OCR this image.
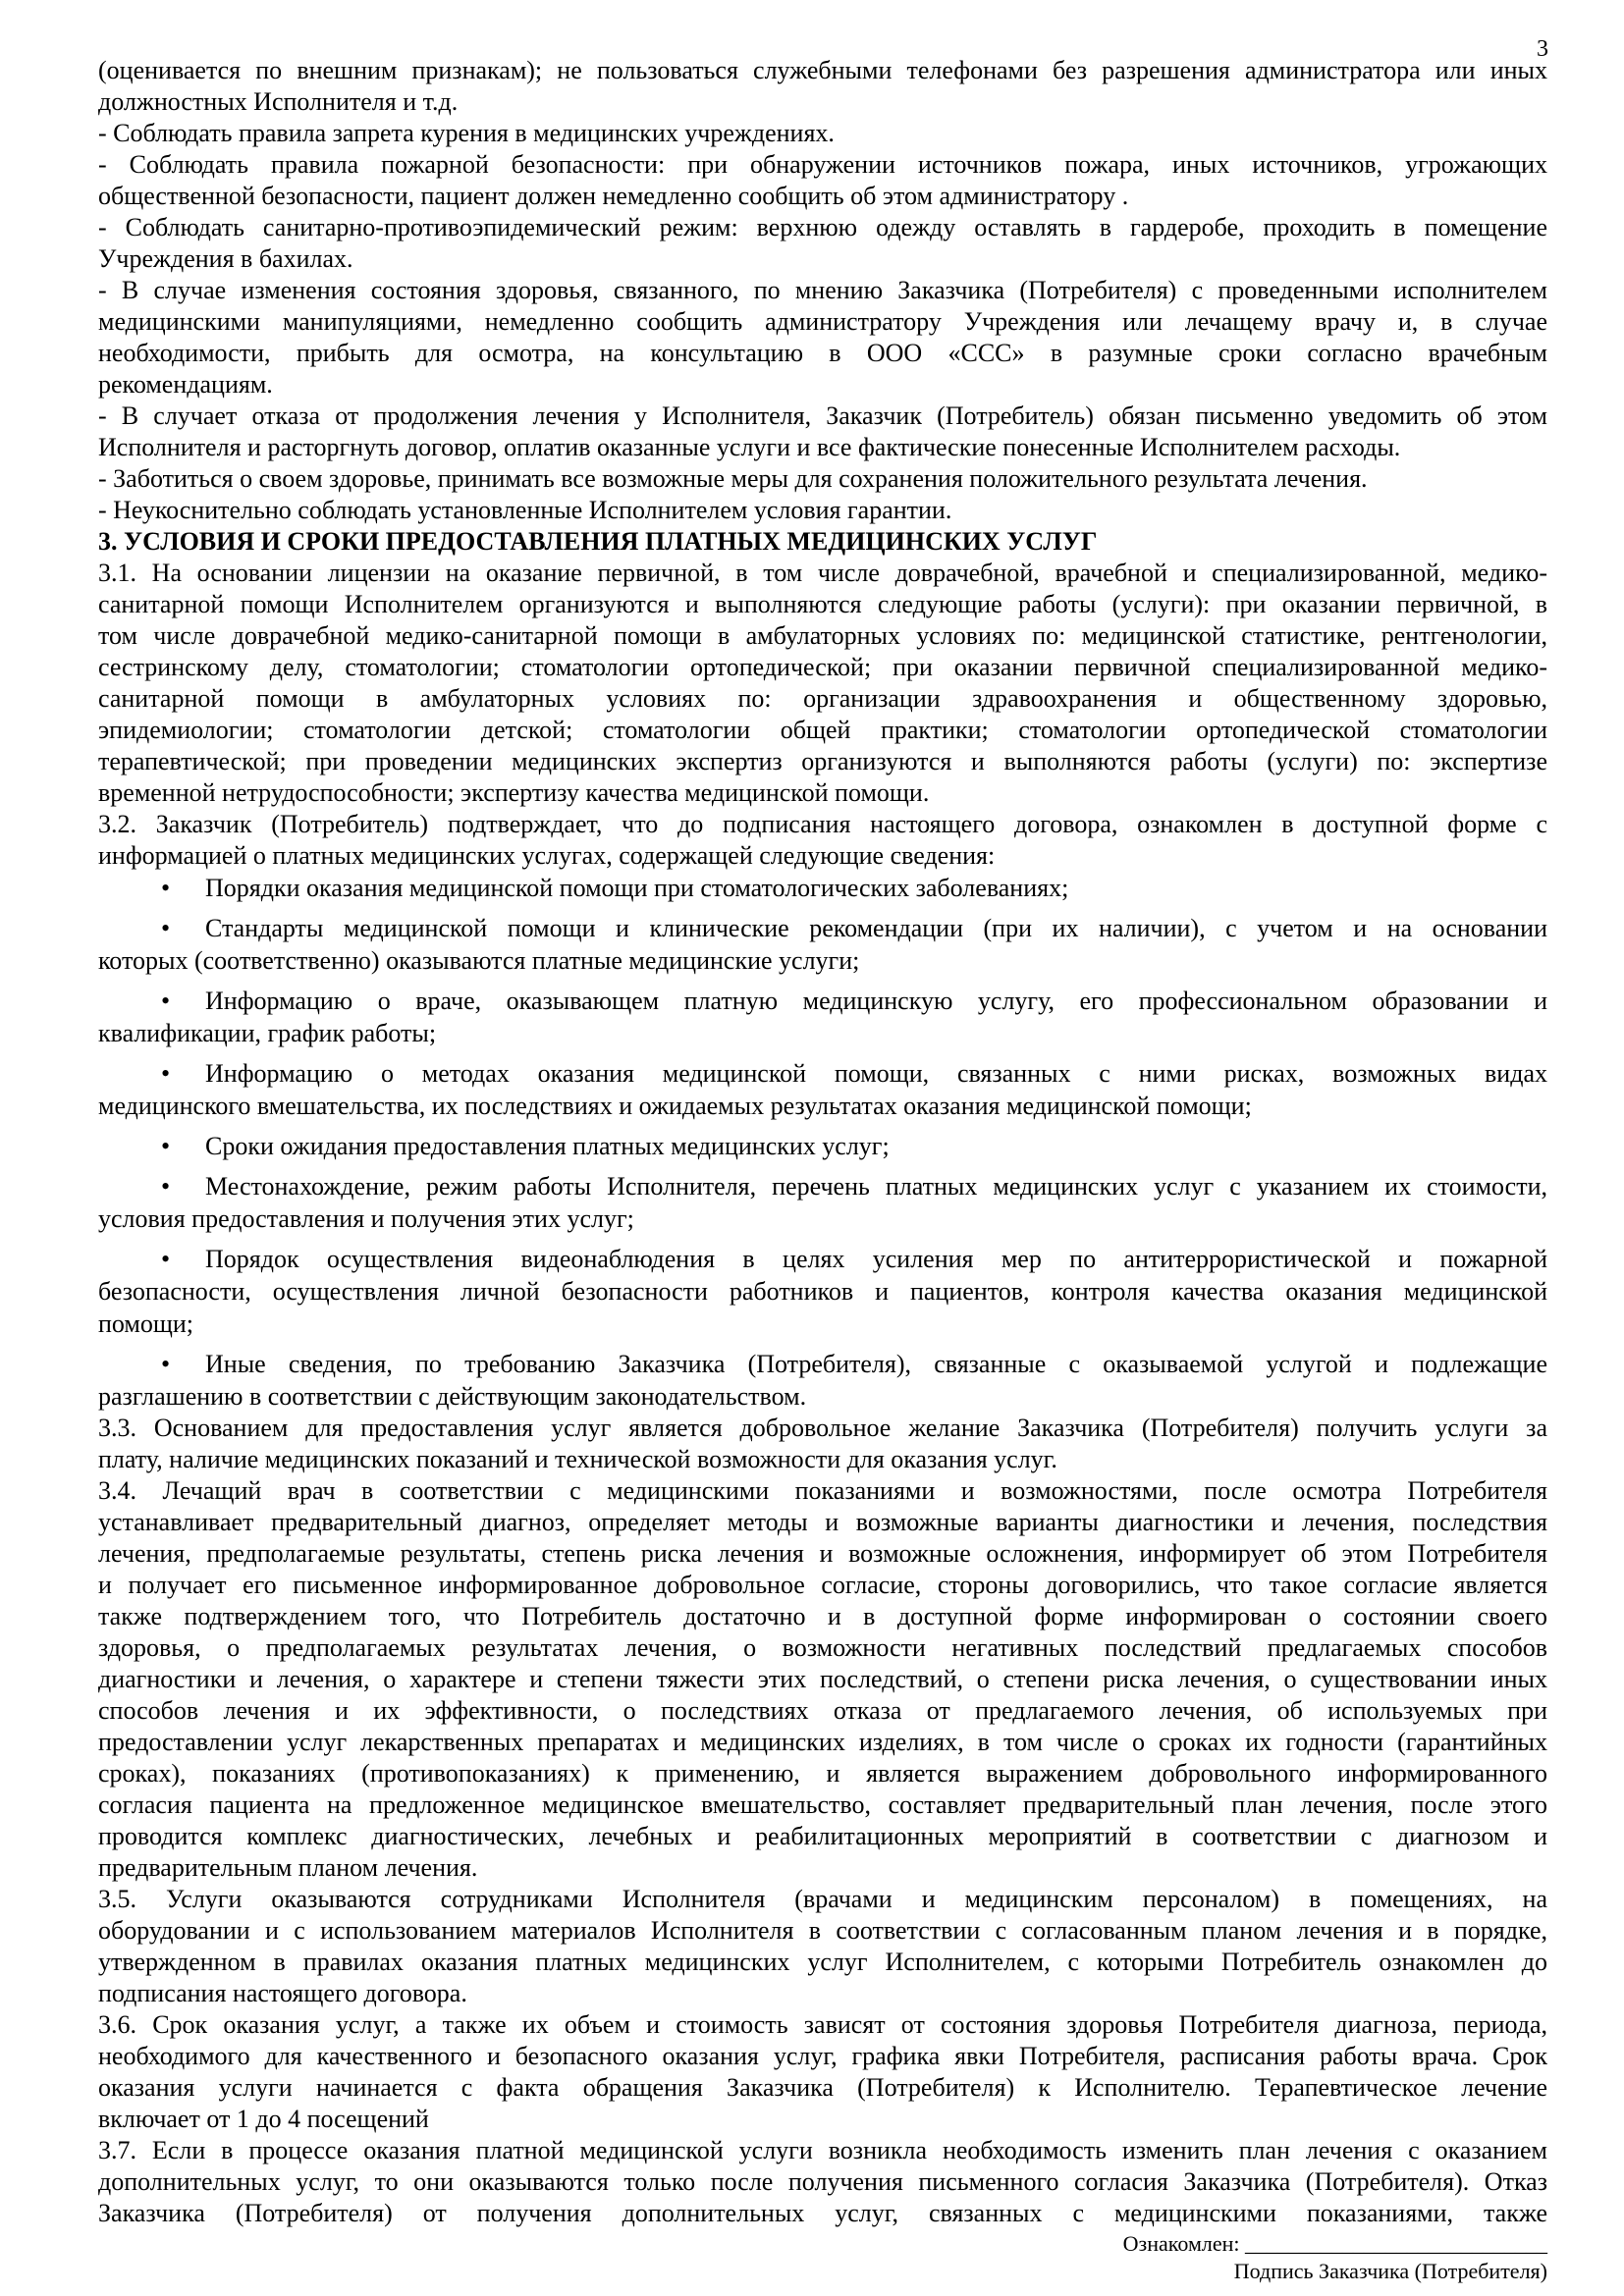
3
(оценивается по внешним признакам); не пользоваться служебными телефонами без разрешения администратора или иных
должностных Исполнителя и т.д.
- Соблюдать правила запрета курения в медицинских учреждениях.
- Соблюдать правила пожарной безопасности: при обнаружении источников пожара, иных источников, угрожающих
общественной безопасности, пациент должен немедленно сообщить об этом администратору .
- Соблюдать санитарно-противоэпидемический режим: верхнюю одежду оставлять в гардеробе, проходить в помещение
Учреждения в бахилах.
- В случае изменения состояния здоровья, связанного, по мнению Заказчика (Потребителя) с проведенными исполнителем
медицинскими манипуляциями, немедленно сообщить администратору Учреждения или лечащему врачу и, в случае
необходимости, прибыть для осмотра, на консультацию в ООО «ССС» в разумные сроки согласно врачебным
рекомендациям.
- В случает отказа от продолжения лечения у Исполнителя, Заказчик (Потребитель) обязан письменно уведомить об этом
Исполнителя и расторгнуть договор, оплатив оказанные услуги и все фактические понесенные Исполнителем расходы.
- Заботиться о своем здоровье, принимать все возможные меры для сохранения положительного результата лечения.
- Неукоснительно соблюдать установленные Исполнителем условия гарантии.
3. УСЛОВИЯ И СРОКИ ПРЕДОСТАВЛЕНИЯ ПЛАТНЫХ МЕДИЦИНСКИХ УСЛУГ
3.1. На основании лицензии на оказание первичной, в том числе доврачебной, врачебной и специализированной, медико-
санитарной помощи Исполнителем организуются и выполняются следующие работы (услуги): при оказании первичной, в
том числе доврачебной медико-санитарной помощи в амбулаторных условиях по: медицинской статистике, рентгенологии,
сестринскому делу, стоматологии; стоматологии ортопедической; при оказании первичной специализированной медико-
санитарной помощи в амбулаторных условиях по: организации здравоохранения и общественному здоровью,
эпидемиологии; стоматологии детской; стоматологии общей практики; стоматологии ортопедической стоматологии
терапевтической; при проведении медицинских экспертиз организуются и выполняются работы (услуги) по: экспертизе
временной нетрудоспособности; экспертизу качества медицинской помощи.
3.2. Заказчик (Потребитель) подтверждает, что до подписания настоящего договора, ознакомлен в доступной форме с
информацией о платных медицинских услугах, содержащей следующие сведения:
• Порядки оказания медицинской помощи при стоматологических заболеваниях;
• Стандарты медицинской помощи и клинические рекомендации (при их наличии), с учетом и на основании
которых (соответственно) оказываются платные медицинские услуги;
• Информацию о враче, оказывающем платную медицинскую услугу, его профессиональном образовании и
квалификации, график работы;
• Информацию о методах оказания медицинской помощи, связанных с ними рисках, возможных видах
медицинского вмешательства, их последствиях и ожидаемых результатах оказания медицинской помощи;
• Сроки ожидания предоставления платных медицинских услуг;
• Местонахождение, режим работы Исполнителя, перечень платных медицинских услуг с указанием их стоимости,
условия предоставления и получения этих услуг;
• Порядок осуществления видеонаблюдения в целях усиления мер по антитеррористической и пожарной
безопасности, осуществления личной безопасности работников и пациентов, контроля качества оказания медицинской
помощи;
• Иные сведения, по требованию Заказчика (Потребителя), связанные с оказываемой услугой и подлежащие
разглашению в соответствии с действующим законодательством.
3.3. Основанием для предоставления услуг является добровольное желание Заказчика (Потребителя) получить услуги за
плату, наличие медицинских показаний и технической возможности для оказания услуг.
3.4. Лечащий врач в соответствии с медицинскими показаниями и возможностями, после осмотра Потребителя
устанавливает предварительный диагноз, определяет методы и возможные варианты диагностики и лечения, последствия
лечения, предполагаемые результаты, степень риска лечения и возможные осложнения, информирует об этом Потребителя
и получает его письменное информированное добровольное согласие, стороны договорились, что такое согласие является
также подтверждением того, что Потребитель достаточно и в доступной форме информирован о состоянии своего
здоровья, о предполагаемых результатах лечения, о возможности негативных последствий предлагаемых способов
диагностики и лечения, о характере и степени тяжести этих последствий, о степени риска лечения, о существовании иных
способов лечения и их эффективности, о последствиях отказа от предлагаемого лечения, об используемых при
предоставлении услуг лекарственных препаратах и медицинских изделиях, в том числе о сроках их годности (гарантийных
сроках), показаниях (противопоказаниях) к применению, и является выражением добровольного информированного
согласия пациента на предложенное медицинское вмешательство, составляет предварительный план лечения, после этого
проводится комплекс диагностических, лечебных и реабилитационных мероприятий в соответствии с диагнозом и
предварительным планом лечения.
3.5. Услуги оказываются сотрудниками Исполнителя (врачами и медицинским персоналом) в помещениях, на
оборудовании и с использованием материалов Исполнителя в соответствии с согласованным планом лечения и в порядке,
утвержденном в правилах оказания платных медицинских услуг Исполнителем, с которыми Потребитель ознакомлен до
подписания настоящего договора.
3.6. Срок оказания услуг, а также их объем и стоимость зависят от состояния здоровья Потребителя диагноза, периода,
необходимого для качественного и безопасного оказания услуг, графика явки Потребителя, расписания работы врача. Срок
оказания услуги начинается с факта обращения Заказчика (Потребителя) к Исполнителю. Терапевтическое лечение
включает от 1 до 4 посещений
3.7. Если в процессе оказания платной медицинской услуги возникла необходимость изменить план лечения с оказанием
дополнительных услуг, то они оказываются только после получения письменного согласия Заказчика (Потребителя). Отказ
Заказчика (Потребителя) от получения дополнительных услуг, связанных с медицинскими показаниями, также
Ознакомлен: ____________________________
Подпись Заказчика (Потребителя)
